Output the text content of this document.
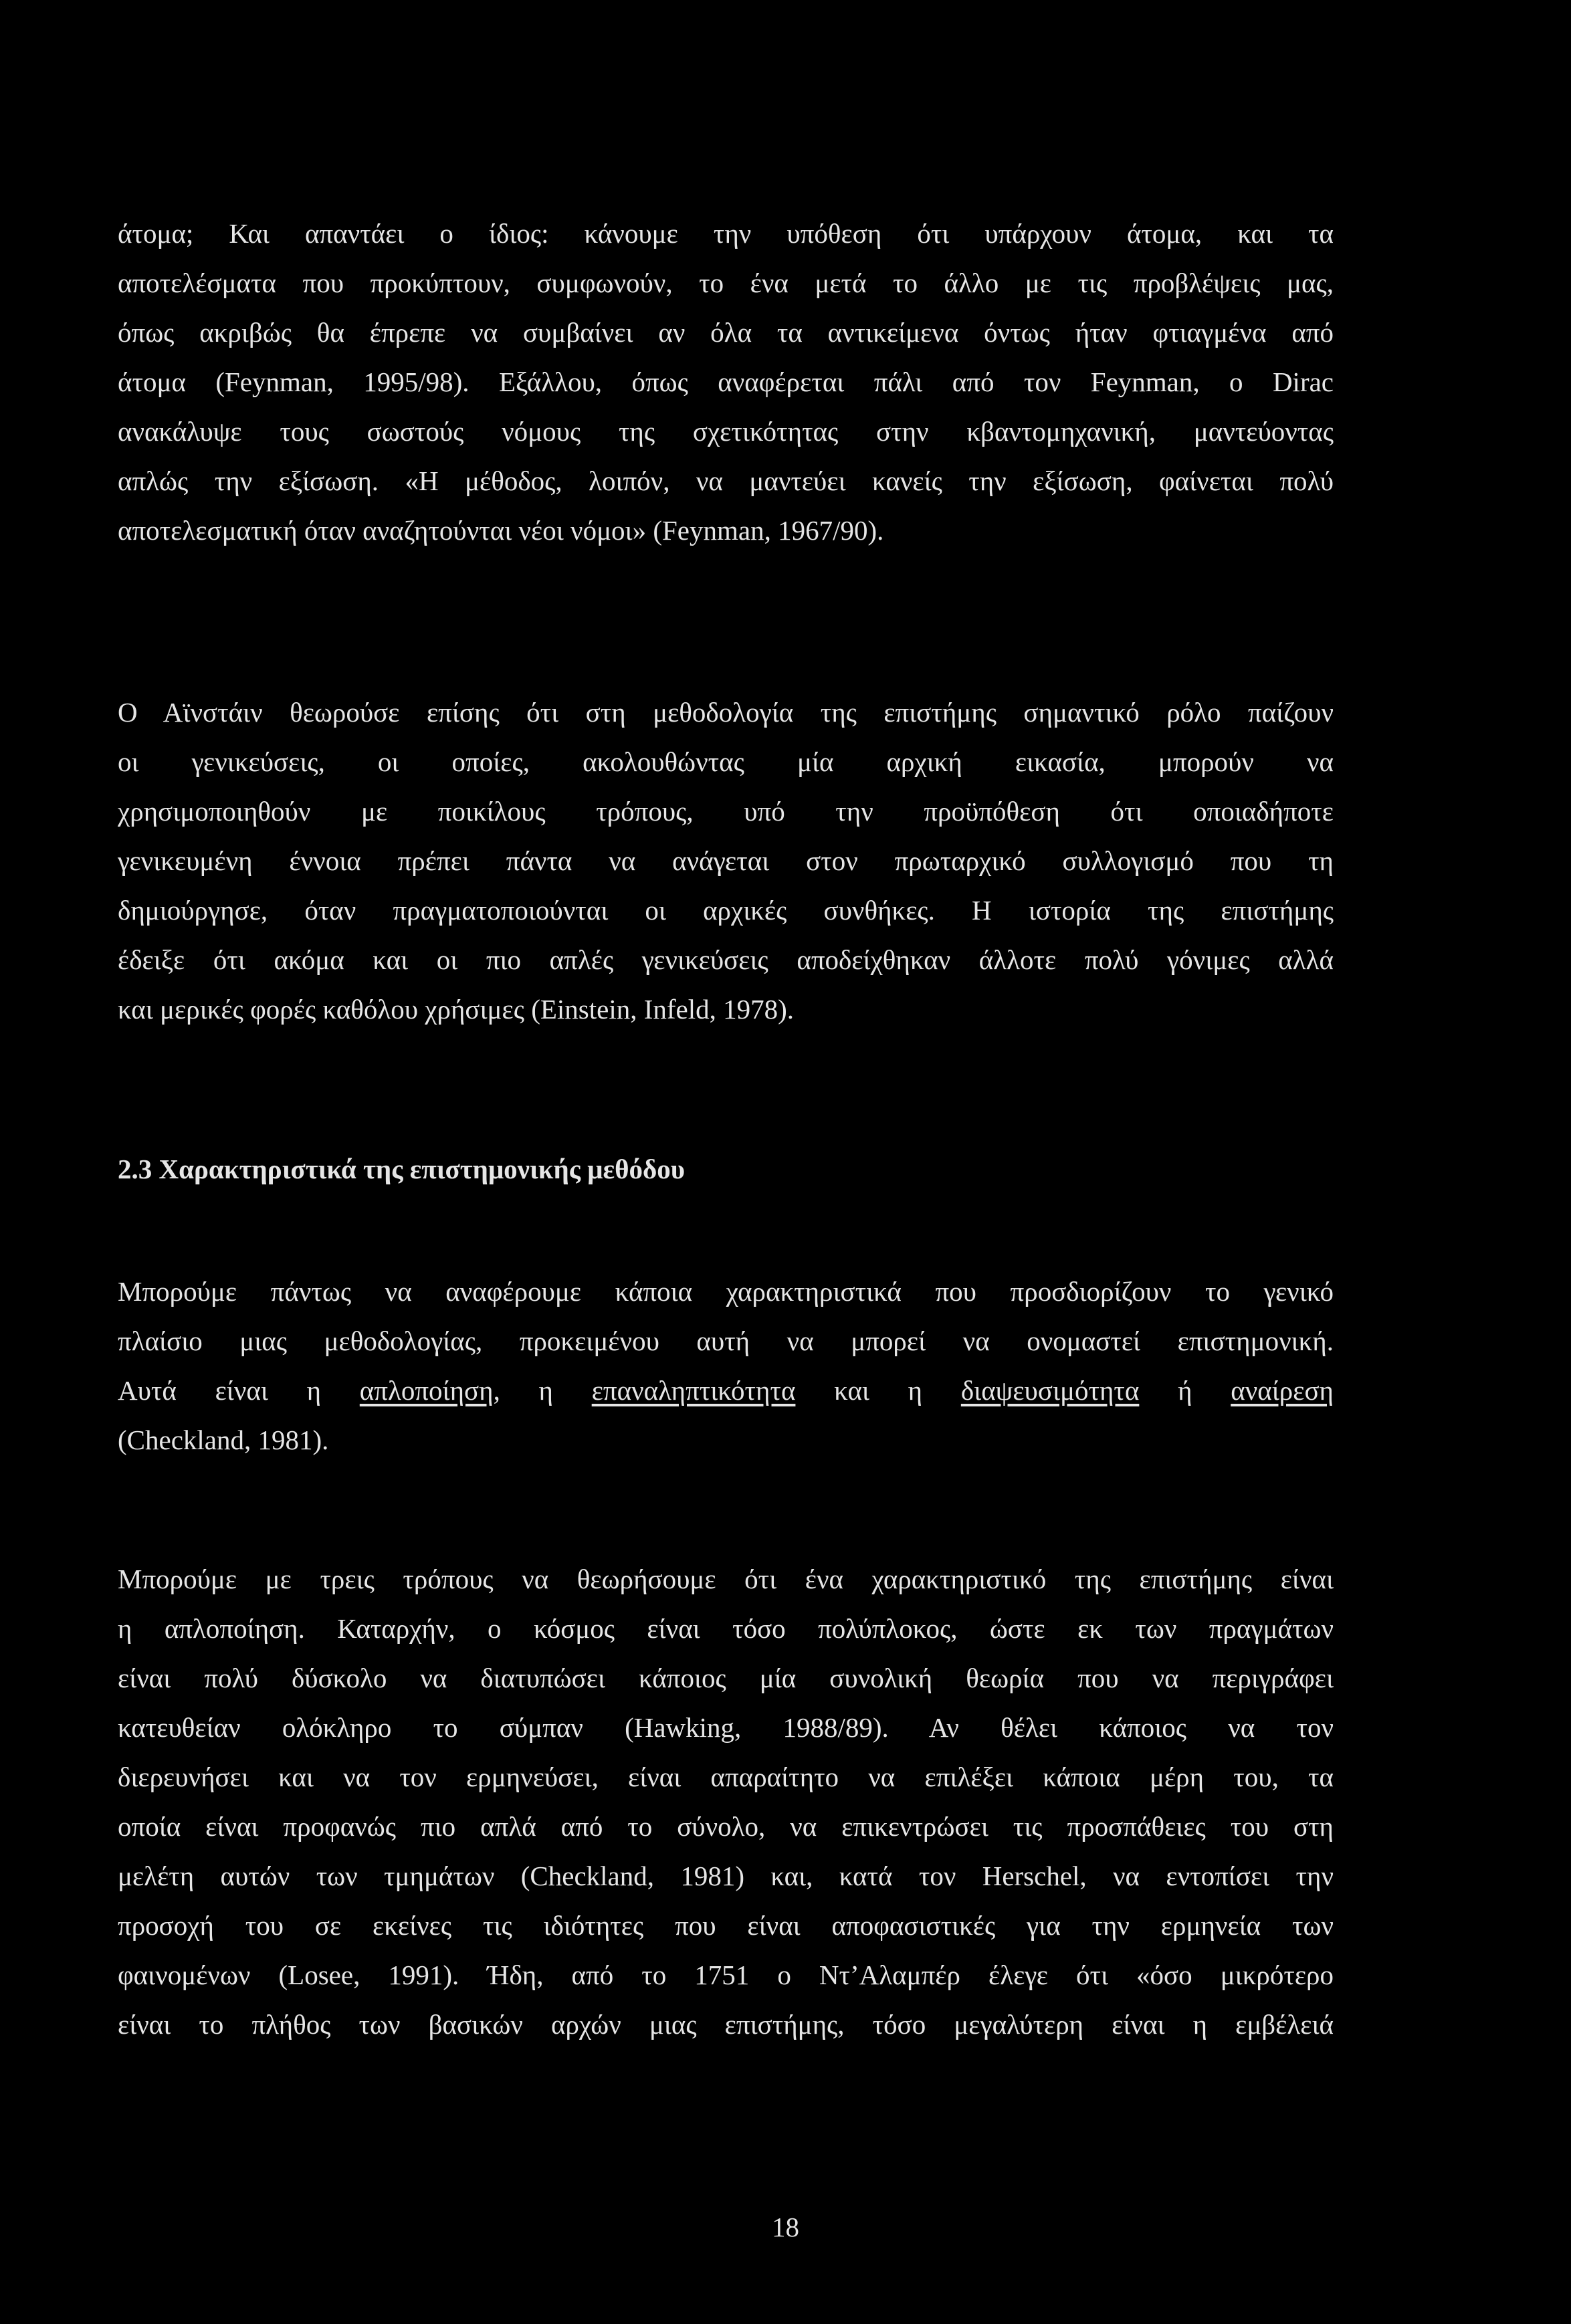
άτομα; Και απαντάει ο ίδιος: κάνουμε την υπόθεση ότι υπάρχουν άτομα, και τα
αποτελέσματα που προκύπτουν, συμφωνούν, το ένα μετά το άλλο με τις προβλέψεις μας,
όπως ακριβώς θα έπρεπε να συμβαίνει αν όλα τα αντικείμενα όντως ήταν φτιαγμένα από
άτομα (Feynman, 1995/98). Εξάλλου, όπως αναφέρεται πάλι από τον Feynman, ο Dirac
ανακάλυψε τους σωστούς νόμους της σχετικότητας στην κβαντομηχανική, μαντεύοντας
απλώς την εξίσωση. «Η μέθοδος, λοιπόν, να μαντεύει κανείς την εξίσωση, φαίνεται πολύ
αποτελεσματική όταν αναζητούνται νέοι νόμοι» (Feynman, 1967/90).
Ο Αϊνστάιν θεωρούσε επίσης ότι στη μεθοδολογία της επιστήμης σημαντικό ρόλο παίζουν
οι γενικεύσεις, οι οποίες, ακολουθώντας μία αρχική εικασία, μπορούν να
χρησιμοποιηθούν με ποικίλους τρόπους, υπό την προϋπόθεση ότι οποιαδήποτε
γενικευμένη έννοια πρέπει πάντα να ανάγεται στον πρωταρχικό συλλογισμό που τη
δημιούργησε, όταν πραγματοποιούνται οι αρχικές συνθήκες. Η ιστορία της επιστήμης
έδειξε ότι ακόμα και οι πιο απλές γενικεύσεις αποδείχθηκαν άλλοτε πολύ γόνιμες αλλά
και μερικές φορές καθόλου χρήσιμες (Einstein, Infeld, 1978).
2.3 Χαρακτηριστικά της επιστημονικής μεθόδου
Μπορούμε πάντως να αναφέρουμε κάποια χαρακτηριστικά που προσδιορίζουν το γενικό
πλαίσιο μιας μεθοδολογίας, προκειμένου αυτή να μπορεί να ονομαστεί επιστημονική.
Αυτά είναι η απλοποίηση, η επαναληπτικότητα και η διαψευσιμότητα ή αναίρεση
(Checkland, 1981).
Μπορούμε με τρεις τρόπους να θεωρήσουμε ότι ένα χαρακτηριστικό της επιστήμης είναι
η απλοποίηση. Καταρχήν, ο κόσμος είναι τόσο πολύπλοκος, ώστε εκ των πραγμάτων
είναι πολύ δύσκολο να διατυπώσει κάποιος μία συνολική θεωρία που να περιγράφει
κατευθείαν ολόκληρο το σύμπαν (Hawking, 1988/89). Αν θέλει κάποιος να τον
διερευνήσει και να τον ερμηνεύσει, είναι απαραίτητο να επιλέξει κάποια μέρη του, τα
οποία είναι προφανώς πιο απλά από το σύνολο, να επικεντρώσει τις προσπάθειες του στη
μελέτη αυτών των τμημάτων (Checkland, 1981) και, κατά τον Herschel, να εντοπίσει την
προσοχή του σε εκείνες τις ιδιότητες που είναι αποφασιστικές για την ερμηνεία των
φαινομένων (Losee, 1991). Ήδη, από το 1751 ο Ντ’Αλαμπέρ έλεγε ότι «όσο μικρότερο
είναι το πλήθος των βασικών αρχών μιας επιστήμης, τόσο μεγαλύτερη είναι η εμβέλειά
18
